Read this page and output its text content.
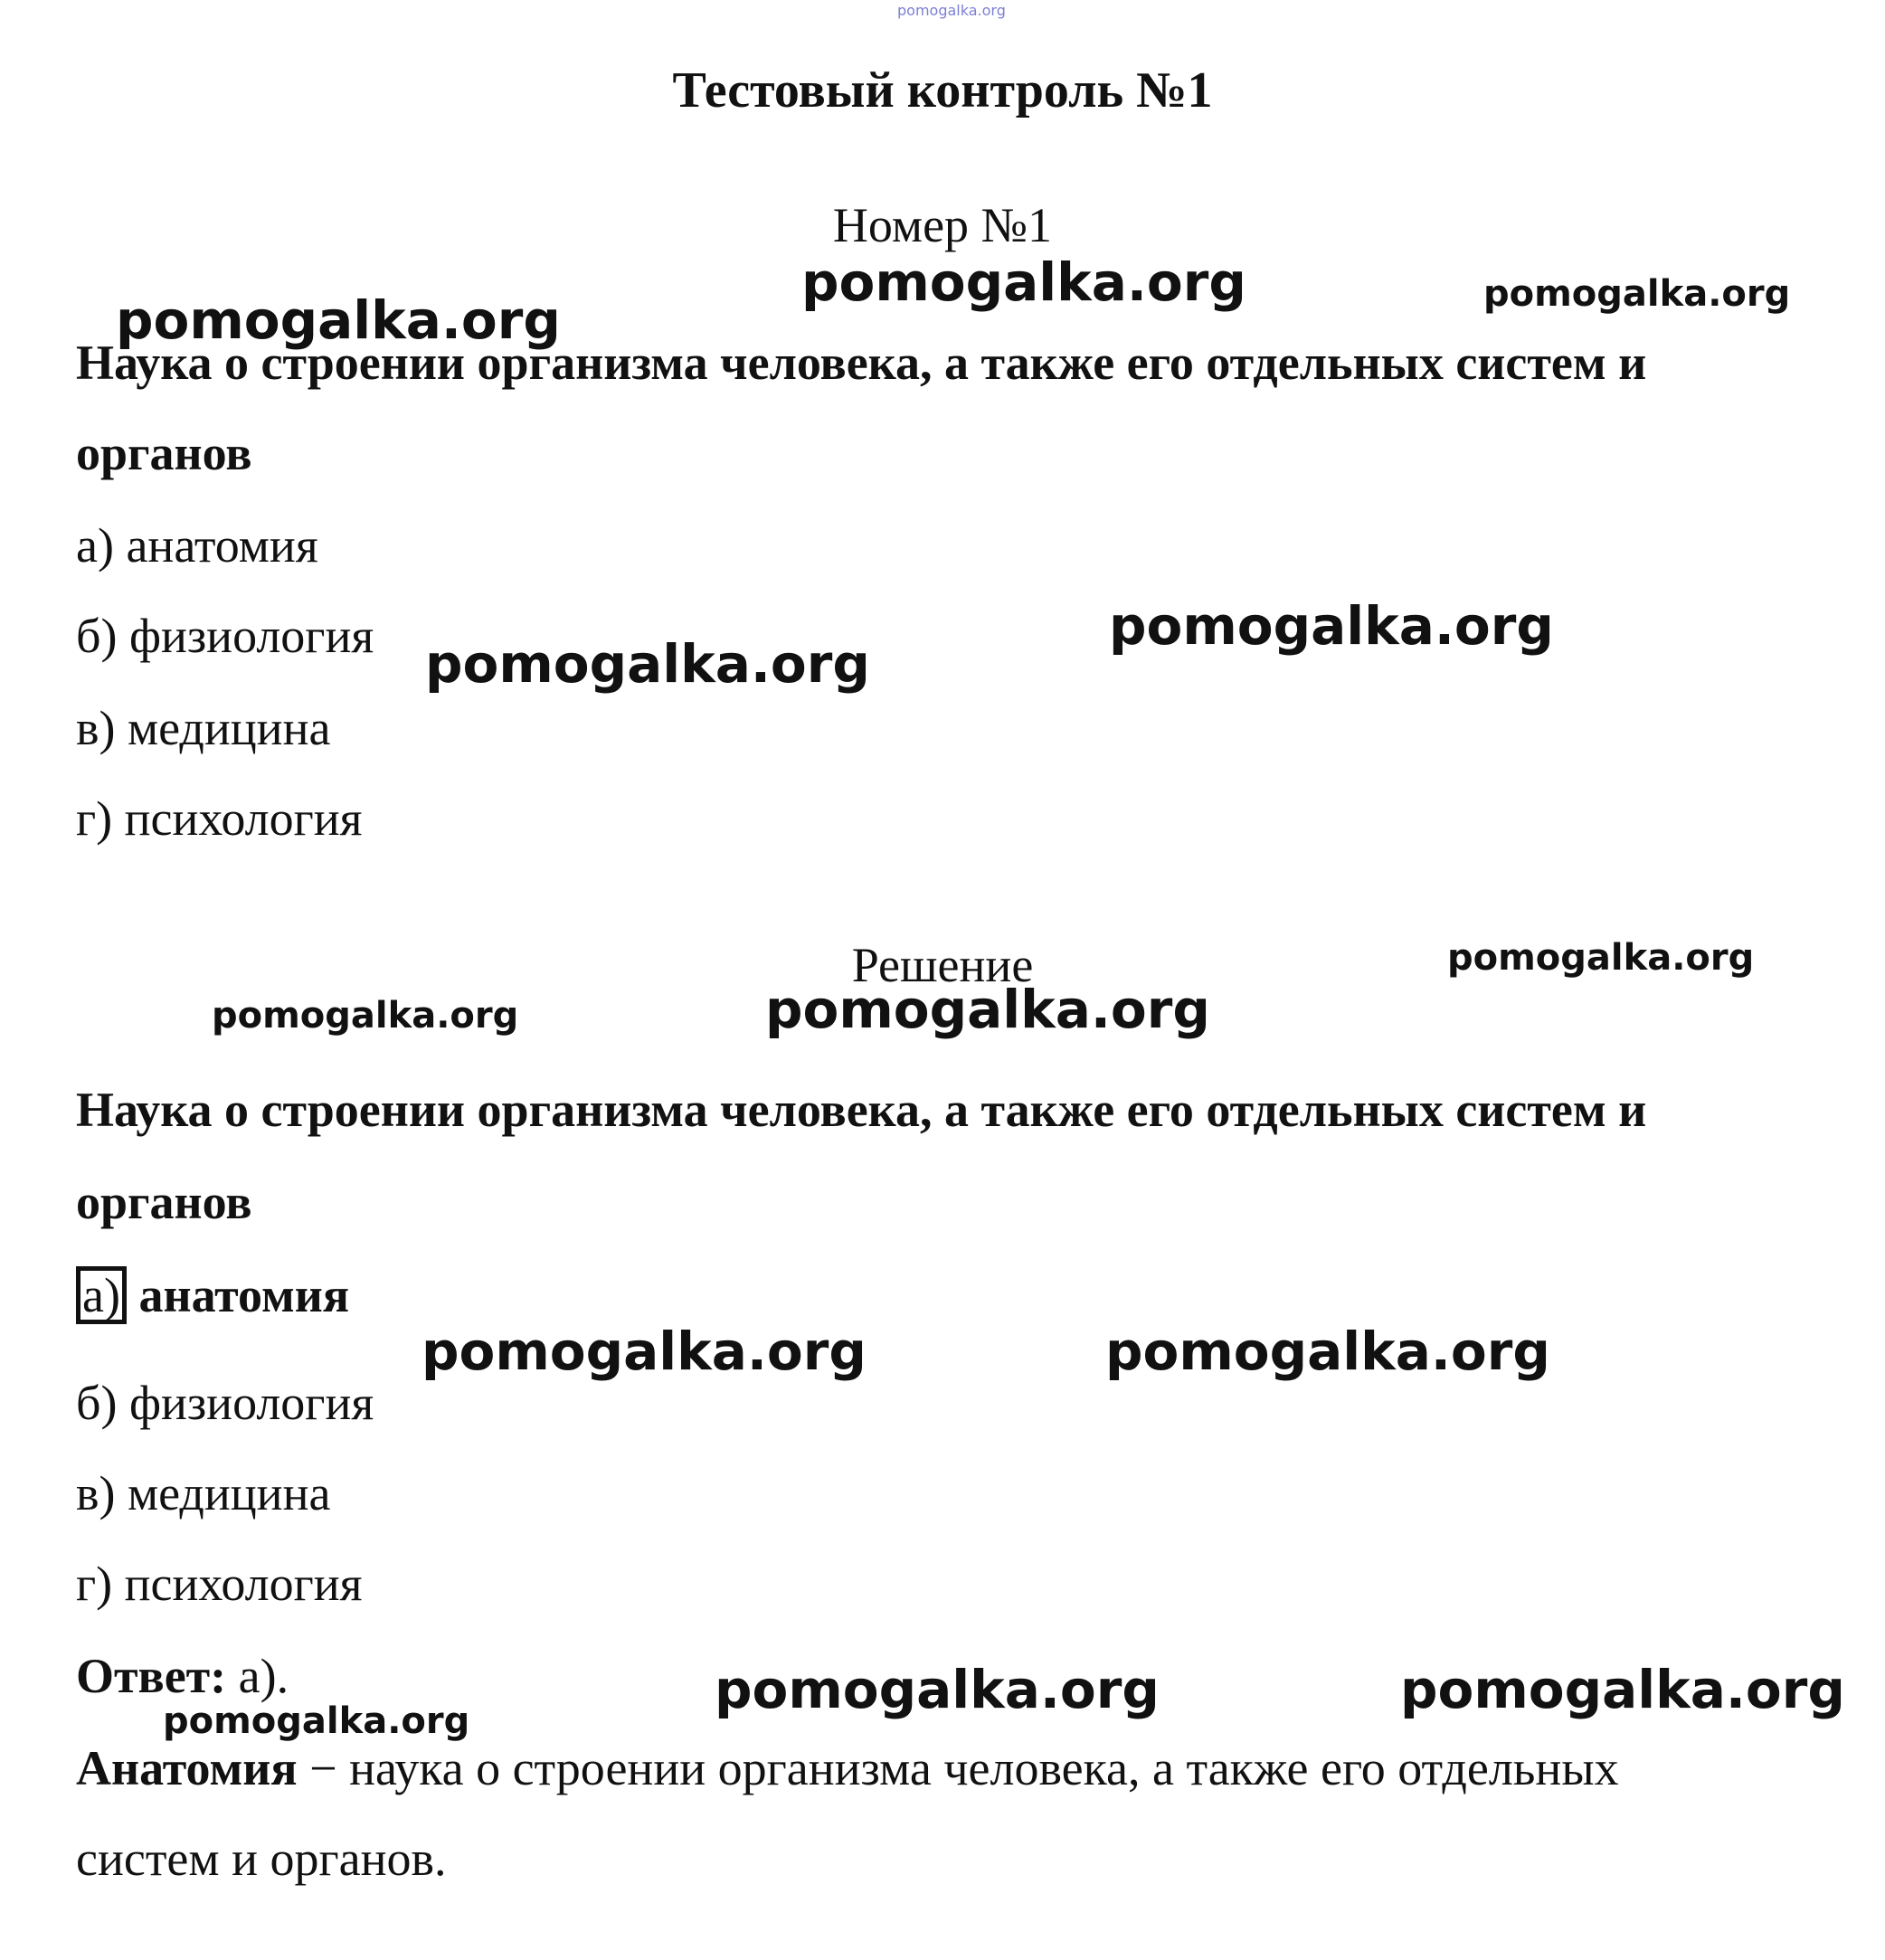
pomogalka.org
Тестовый контроль №1
Номер №1
pomogalka.org	pomogalka.org
pomogalka.org
Наука о строении организма человека, а также его отдельных систем и
органов
а) анатомия
б) физиология
в) медицина
г) психология
pomogalka.org
pomogalka.org
Решение	pomogalka.org
pomogalka.org
pomogalka.org
Наука о строении организма человека, а также его отдельных систем и
органов
а) анатомия
pomogalka.org	pomogalka.org
б) физиология
в) медицина
г) психология
Ответ: а).	pomogalka.org	pomogalka.org
pomogalka.org
Анатомия − наука о строении организма человека, а также его отдельных
систем и органов.
